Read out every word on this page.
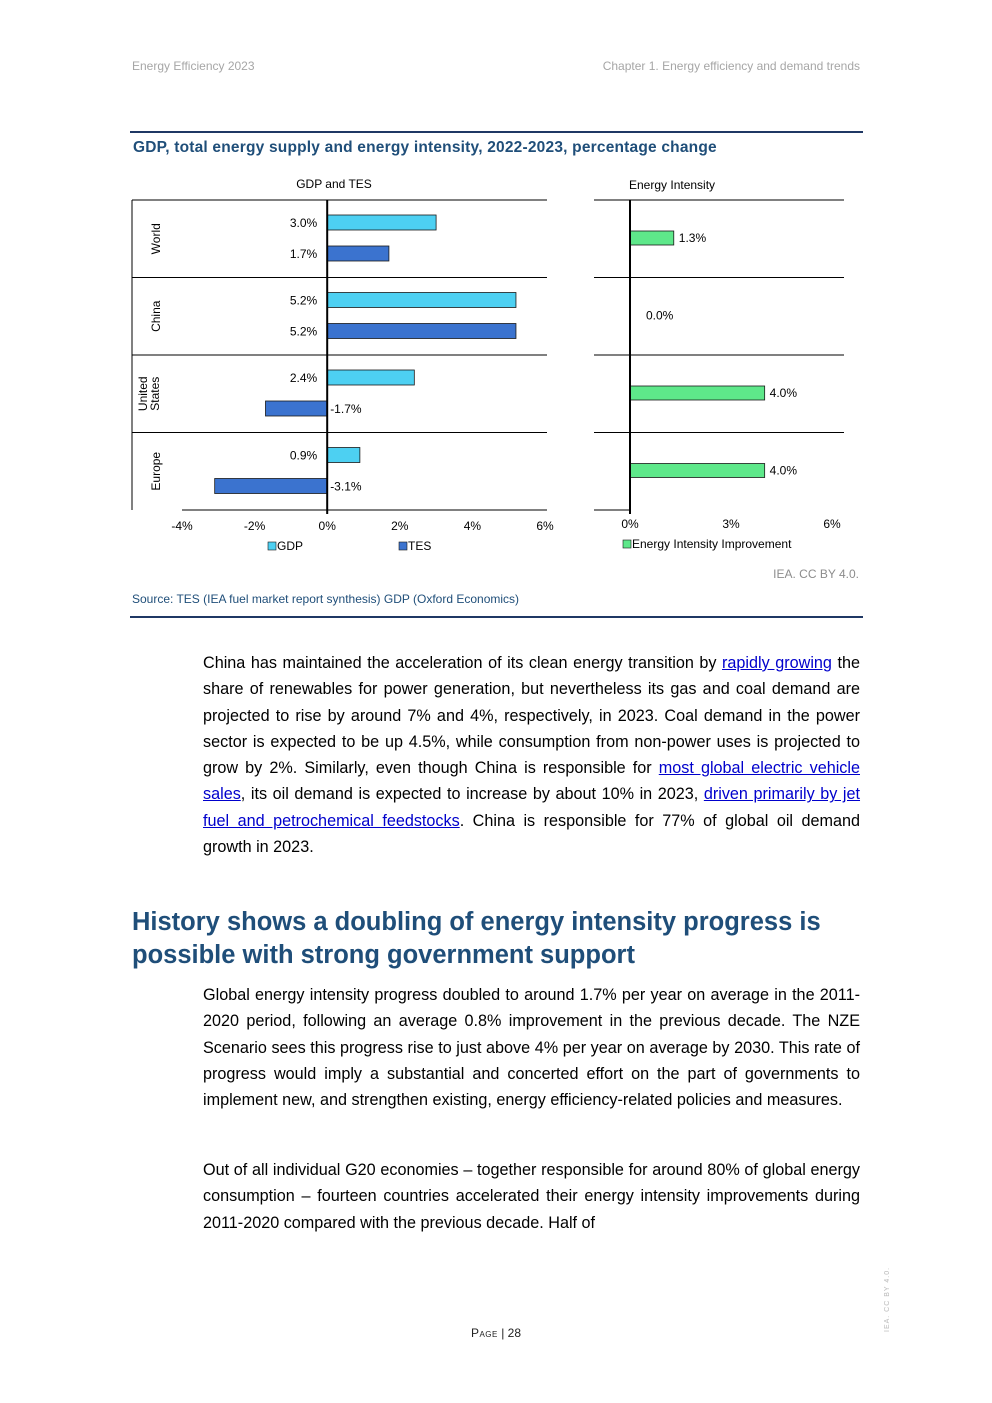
Energy Efficiency 2023	Chapter 1. Energy efficiency and demand trends
GDP, total energy supply and energy intensity, 2022-2023, percentage change
GDP and TES
World
China
United
States
Europe
3.0%
5.2%
2.4%
0.9%
1.7%
5.2%
-1.7%
-3.1%
-4%	-2%	0%	2%	4%	6%
GDP	TES
Energy Intensity
1.3%
0.0%
4.0%
4.0%
0%	3%	6%
Energy Intensity Improvement
IEA. CC BY 4.0.
Source: TES (IEA fuel market report synthesis) GDP (Oxford Economics)

China has maintained the acceleration of its clean energy transition by rapidly growing the share of renewables for power generation, but nevertheless its gas and coal demand are projected to rise by around 7% and 4%, respectively, in 2023. Coal demand in the power sector is expected to be up 4.5%, while consumption from non-power uses is projected to grow by 2%. Similarly, even though China is responsible for most global electric vehicle sales, its oil demand is expected to increase by about 10% in 2023, driven primarily by jet fuel and petrochemical feedstocks. China is responsible for 77% of global oil demand growth in 2023.

History shows a doubling of energy intensity progress is possible with strong government support

Global energy intensity progress doubled to around 1.7% per year on average in the 2011-2020 period, following an average 0.8% improvement in the previous decade. The NZE Scenario sees this progress rise to just above 4% per year on average by 2030. This rate of progress would imply a substantial and concerted effort on the part of governments to implement new, and strengthen existing, energy efficiency-related policies and measures.

Out of all individual G20 economies – together responsible for around 80% of global energy consumption – fourteen countries accelerated their energy intensity improvements during 2011-2020 compared with the previous decade. Half of

Page | 28
IEA. CC BY 4.0.
